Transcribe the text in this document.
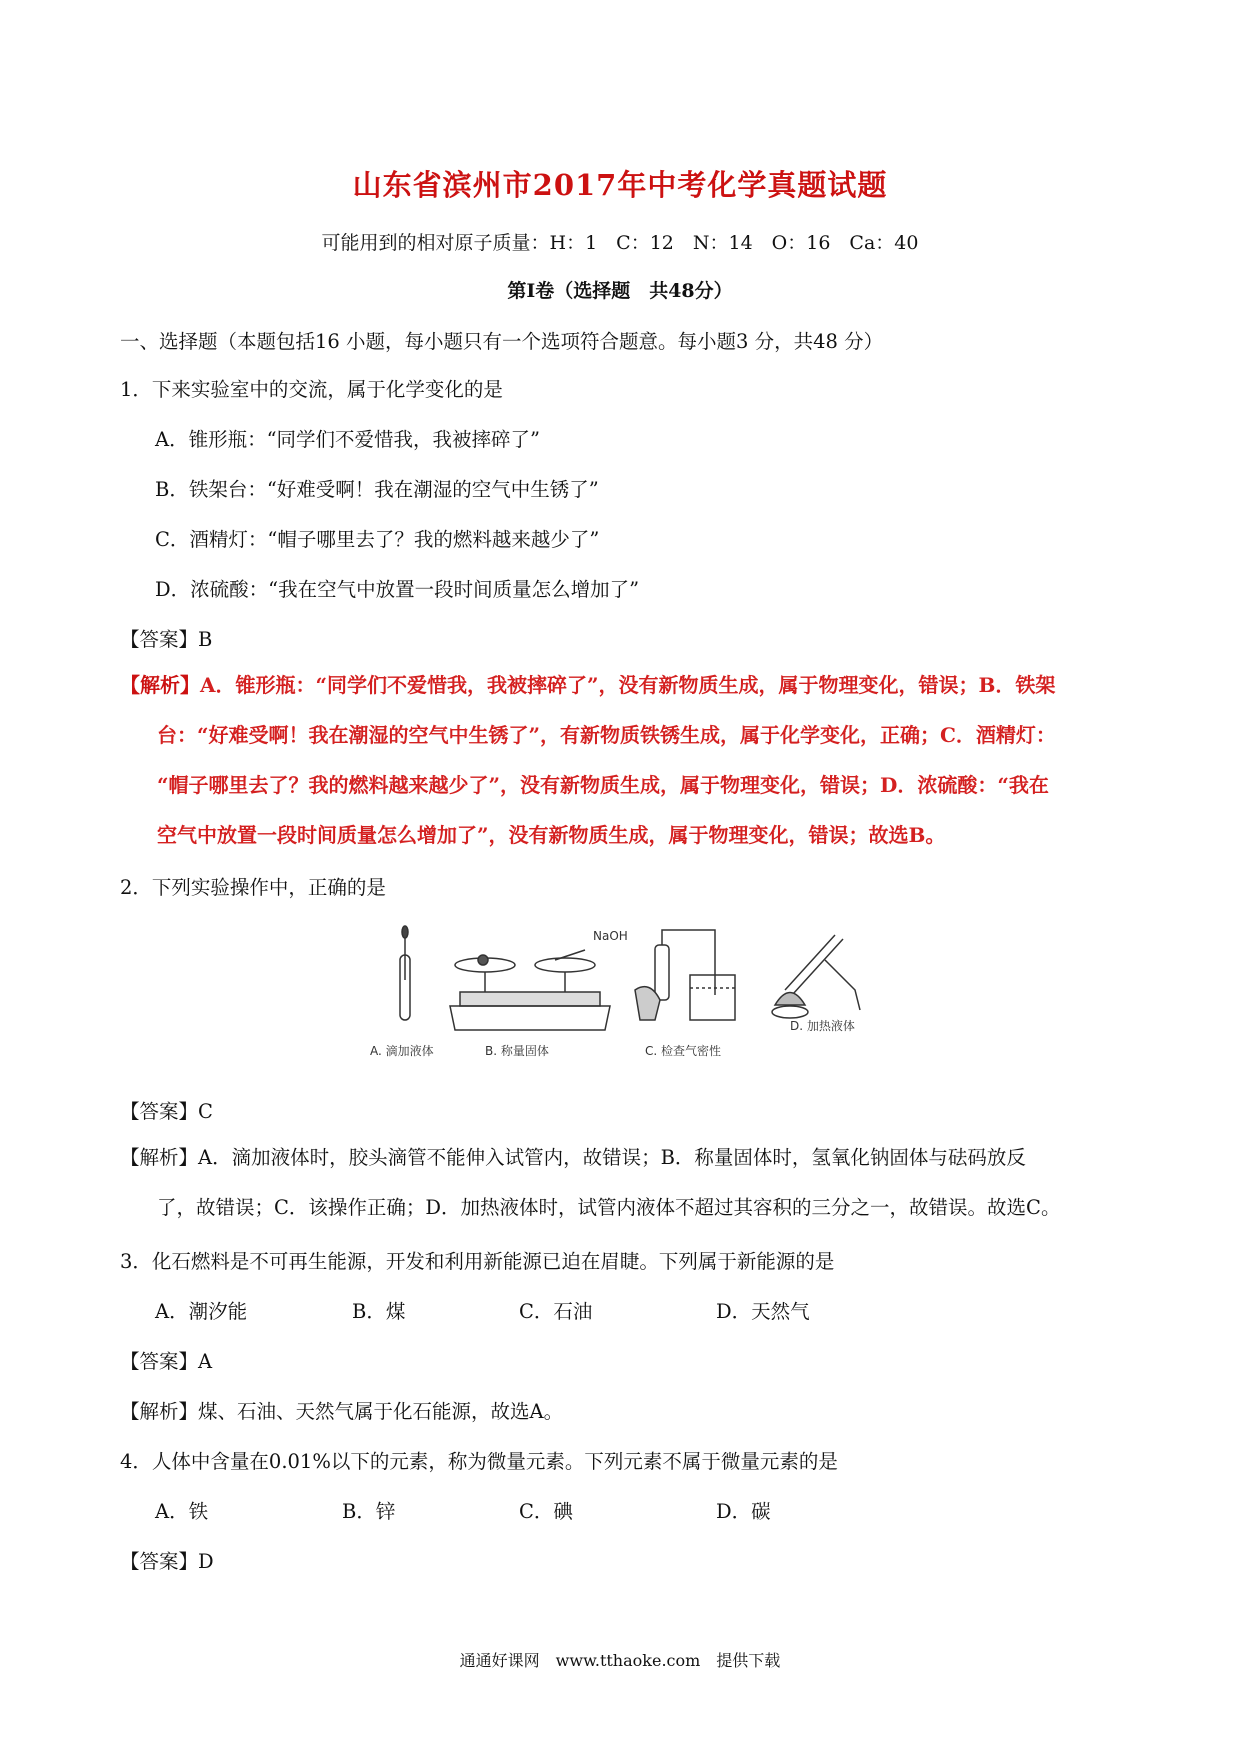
山东省滨州市2017年中考化学真题试题
可能用到的相对原子质量：H：1　C：12　N：14　O：16　Ca：40
第Ⅰ卷（选择题　共48分）
一、选择题（本题包括16 小题，每小题只有一个选项符合题意。每小题3 分，共48 分）
1．下来实验室中的交流，属于化学变化的是
A．锥形瓶：“同学们不爱惜我，我被摔碎了”
B．铁架台：“好难受啊！我在潮湿的空气中生锈了”
C．酒精灯：“帽子哪里去了？我的燃料越来越少了”
D．浓硫酸：“我在空气中放置一段时间质量怎么增加了”
【答案】B
【解析】A．锥形瓶：“同学们不爱惜我，我被摔碎了”，没有新物质生成，属于物理变化，错误；B．铁架
台：“好难受啊！我在潮湿的空气中生锈了”，有新物质铁锈生成，属于化学变化，正确；C．酒精灯：
“帽子哪里去了？我的燃料越来越少了”，没有新物质生成，属于物理变化，错误；D．浓硫酸：“我在
空气中放置一段时间质量怎么增加了”，没有新物质生成，属于物理变化，错误；故选B。
2．下列实验操作中，正确的是
A. 滴加液体
NaOH
B. 称量固体	C. 检查气密性
D. 加热液体
【答案】C
【解析】A．滴加液体时，胶头滴管不能伸入试管内，故错误；B．称量固体时，氢氧化钠固体与砝码放反
了，故错误；C．该操作正确；D．加热液体时，试管内液体不超过其容积的三分之一，故错误。故选C。
3．化石燃料是不可再生能源，开发和利用新能源已迫在眉睫。下列属于新能源的是
A．潮汐能	B．煤	C．石油	D．天然气
【答案】A
【解析】煤、石油、天然气属于化石能源，故选A。
4．人体中含量在0.01%以下的元素，称为微量元素。下列元素不属于微量元素的是
A．铁	B．锌	C．碘	D．碳
【答案】D
通通好课网　www.tthaoke.com　提供下载
